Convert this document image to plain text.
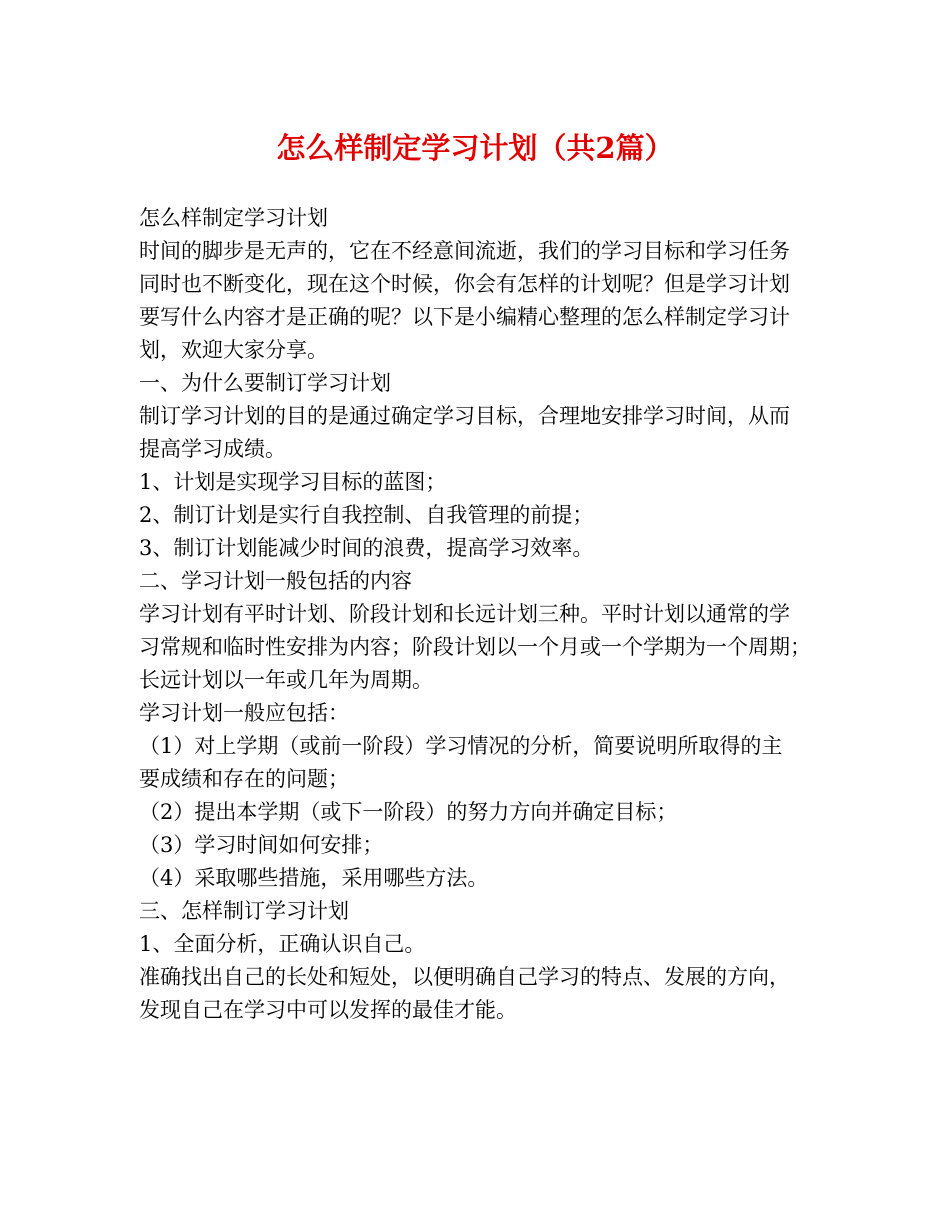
怎么样制定学习计划（共2篇）
怎么样制定学习计划
时间的脚步是无声的，它在不经意间流逝，我们的学习目标和学习任务
同时也不断变化，现在这个时候，你会有怎样的计划呢？但是学习计划
要写什么内容才是正确的呢？以下是小编精心整理的怎么样制定学习计
划，欢迎大家分享。
一、为什么要制订学习计划
制订学习计划的目的是通过确定学习目标，合理地安排学习时间，从而
提高学习成绩。
1、计划是实现学习目标的蓝图；
2、制订计划是实行自我控制、自我管理的前提；
3、制订计划能减少时间的浪费，提高学习效率。
二、学习计划一般包括的内容
学习计划有平时计划、阶段计划和长远计划三种。平时计划以通常的学
习常规和临时性安排为内容；阶段计划以一个月或一个学期为一个周期；
长远计划以一年或几年为周期。
学习计划一般应包括：
（1）对上学期（或前一阶段）学习情况的分析，简要说明所取得的主
要成绩和存在的问题；
（2）提出本学期（或下一阶段）的努力方向并确定目标；
（3）学习时间如何安排；
（4）采取哪些措施，采用哪些方法。
三、怎样制订学习计划
1、全面分析，正确认识自己。
准确找出自己的长处和短处，以便明确自己学习的特点、发展的方向，
发现自己在学习中可以发挥的最佳才能。
